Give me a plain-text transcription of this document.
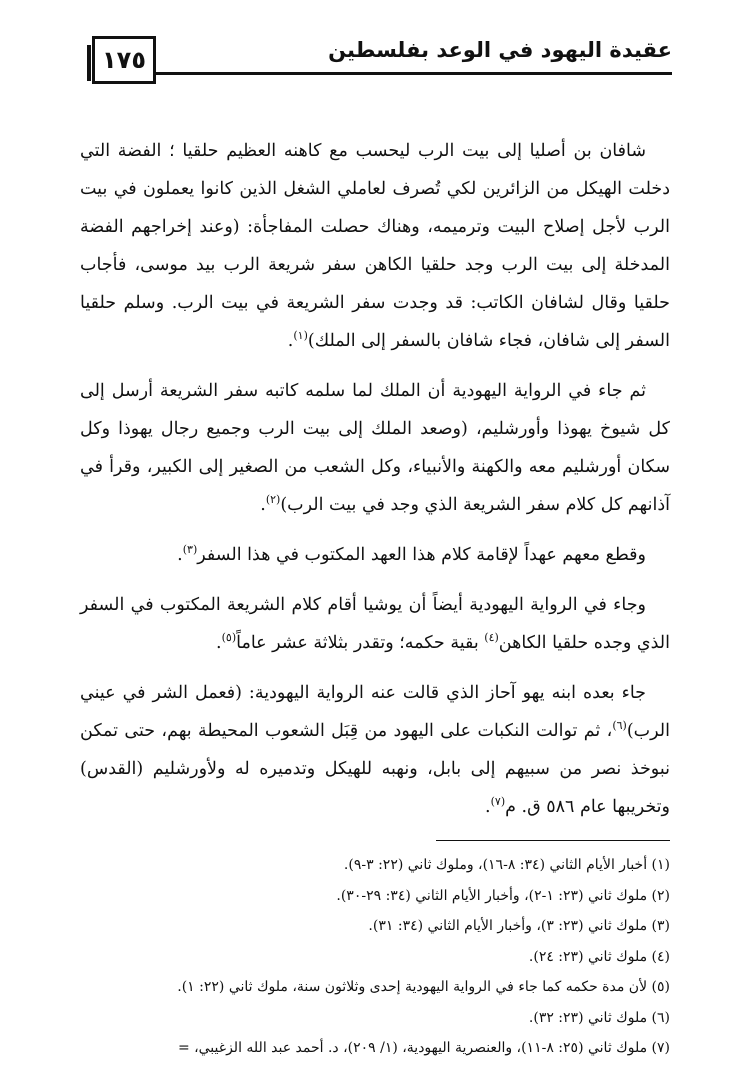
١٧٥	عقيدة اليهود في الوعد بفلسطين

شافان بن أصليا إلى بيت الرب ليحسب مع كاهنه العظيم حلقيا ؛ الفضة التي دخلت الهيكل من الزائرين لكي تُصرف لعاملي الشغل الذين كانوا يعملون في بيت الرب لأجل إصلاح البيت وترميمه، وهناك حصلت المفاجأة: (وعند إخراجهم الفضة المدخلة إلى بيت الرب وجد حلقيا الكاهن سفر شريعة الرب بيد موسى، فأجاب حلقيا وقال لشافان الكاتب: قد وجدت سفر الشريعة في بيت الرب. وسلم حلقيا السفر إلى شافان، فجاء شافان بالسفر إلى الملك)$^{(١)}$.

ثم جاء في الرواية اليهودية أن الملك لما سلمه كاتبه سفر الشريعة أرسل إلى كل شيوخ يهوذا وأورشليم، (وصعد الملك إلى بيت الرب وجميع رجال يهوذا وكل سكان أورشليم معه والكهنة والأنبياء، وكل الشعب من الصغير إلى الكبير، وقرأ في آذانهم كل كلام سفر الشريعة الذي وجد في بيت الرب)$^{(٢)}$.

وقطع معهم عهداً لإقامة كلام هذا العهد المكتوب في هذا السفر$^{(٣)}$.

وجاء في الرواية اليهودية أيضاً أن يوشيا أقام كلام الشريعة المكتوب في السفر الذي وجده حلقيا الكاهن$^{(٤)}$ بقية حكمه؛ وتقدر بثلاثة عشر عاماً$^{(٥)}$.

جاء بعده ابنه يهو آحاز الذي قالت عنه الرواية اليهودية: (فعمل الشر في عيني الرب)$^{(٦)}$، ثم توالت النكبات على اليهود من قِبَل الشعوب المحيطة بهم، حتى تمكن نبوخذ نصر من سبيهم إلى بابل، ونهبه للهيكل وتدميره له ولأورشليم (القدس) وتخريبها عام ٥٨٦ ق. م$^{(٧)}$.

(١) أخبار الأيام الثاني (٣٤: ٨-١٦)، وملوك ثاني (٢٢: ٣-٩).

(٢) ملوك ثاني (٢٣: ١-٢)، وأخبار الأيام الثاني (٣٤: ٢٩-٣٠).

(٣) ملوك ثاني (٢٣: ٣)، وأخبار الأيام الثاني (٣٤: ٣١).

(٤) ملوك ثاني (٢٣: ٢٤).

(٥) لأن مدة حكمه كما جاء في الرواية اليهودية إحدى وثلاثون سنة، ملوك ثاني (٢٢: ١).

(٦) ملوك ثاني (٢٣: ٣٢).

(٧) ملوك ثاني (٢٥: ٨-١١)، والعنصرية اليهودية، (١/ ٢٠٩)، د. أحمد عبد الله الزغيبي، =
